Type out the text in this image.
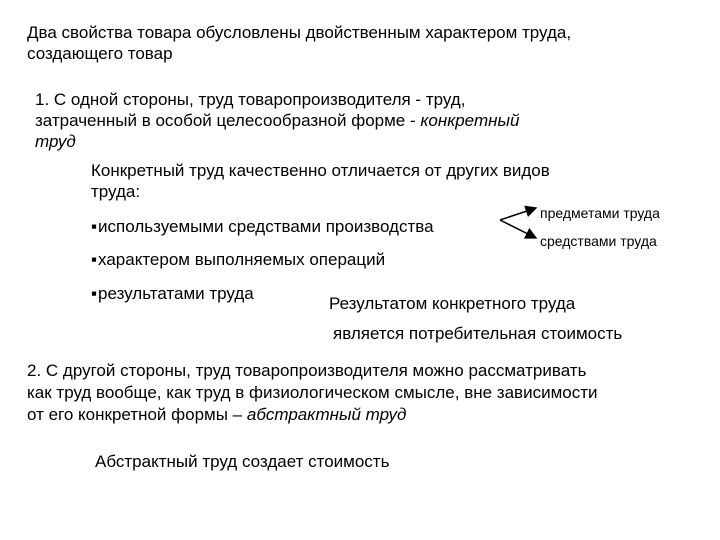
Два свойства товара обусловлены двойственным характером труда,
создающего товар
1. С одной стороны, труд товаропроизводителя - труд,
затраченный в особой целесообразной форме - конкретный
труд
Конкретный труд качественно отличается от других видов
труда:
▪ используемыми средствами производства
▪ характером выполняемых операций
▪ результатами труда
предметами труда
средствами труда
Результатом конкретного труда
является потребительная стоимость
2. С другой стороны, труд товаропроизводителя можно рассматривать
как труд вообще, как труд в физиологическом смысле, вне зависимости
от его конкретной формы – абстрактный труд
Абстрактный труд создает стоимость
